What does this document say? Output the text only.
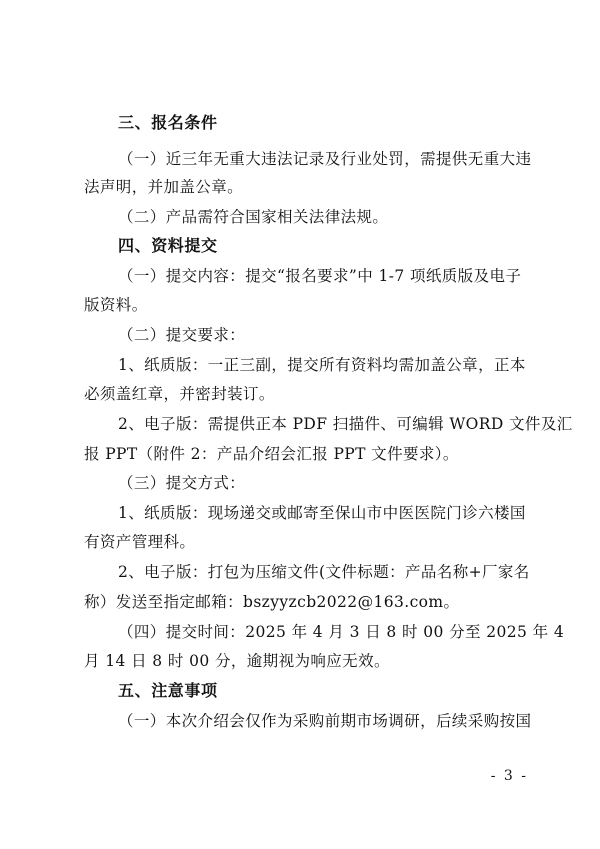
三、报名条件
（一）近三年无重大违法记录及行业处罚，需提供无重大违
法声明，并加盖公章。
（二）产品需符合国家相关法律法规。
四、资料提交
（一）提交内容：提交“报名要求”中 1-7 项纸质版及电子
版资料。
（二）提交要求：
1、纸质版：一正三副，提交所有资料均需加盖公章，正本
必须盖红章，并密封装订。
2、电子版：需提供正本 PDF 扫描件、可编辑 WORD 文件及汇
报 PPT（附件 2：产品介绍会汇报 PPT 文件要求）。
（三）提交方式：
1、纸质版：现场递交或邮寄至保山市中医医院门诊六楼国
有资产管理科。
2、电子版：打包为压缩文件(文件标题：产品名称+厂家名
称）发送至指定邮箱：bszyyzcb2022@163.com。
（四）提交时间：2025 年 4 月 3 日 8 时 00 分至 2025 年 4
月 14 日 8 时 00 分，逾期视为响应无效。
五、注意事项
（一）本次介绍会仅作为采购前期市场调研，后续采购按国
- 3 -
